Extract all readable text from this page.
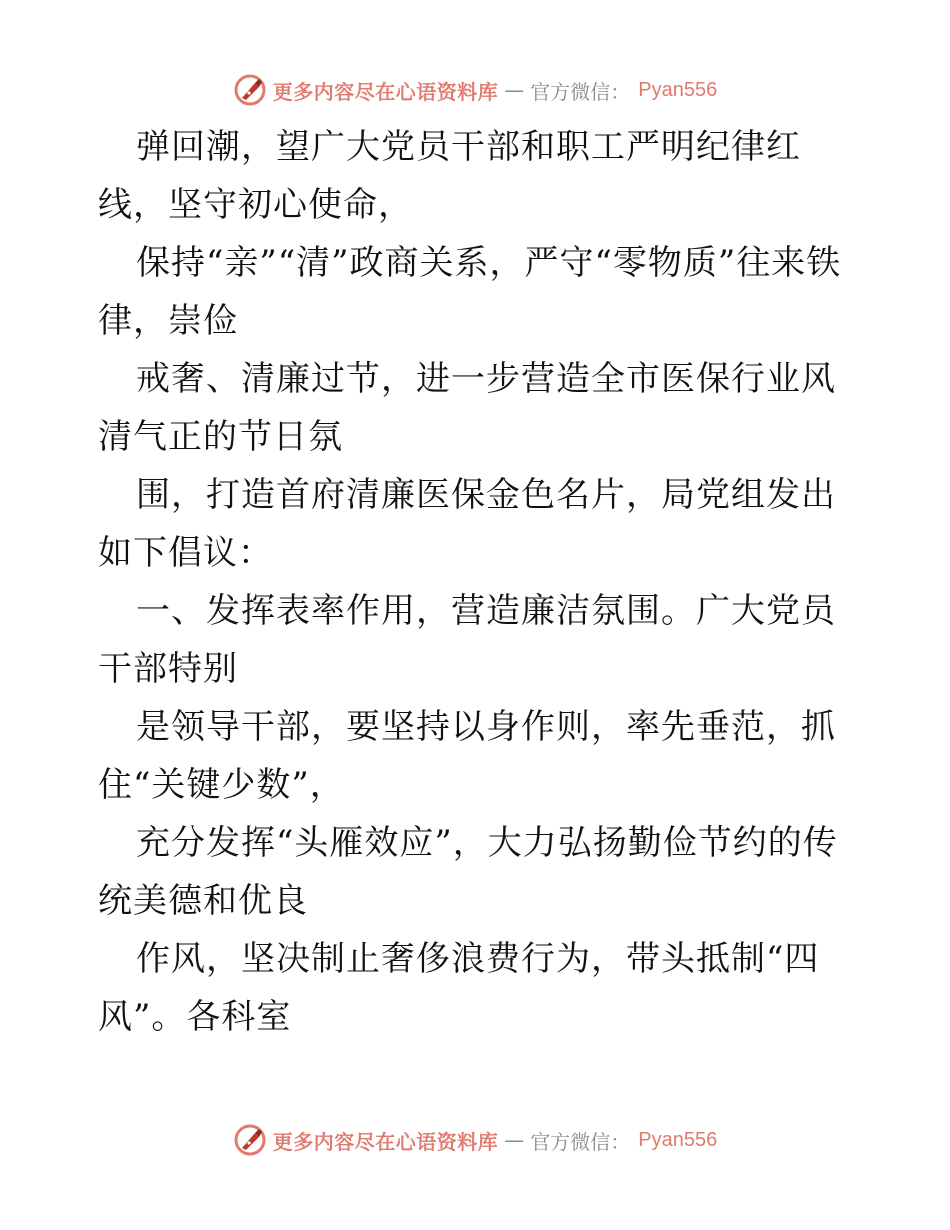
更多内容尽在心语资料库 — 官方微信： Pyan556

弹回潮，望广大党员干部和职工严明纪律红线，坚守初心使命，

保持“亲”“清”政商关系，严守“零物质”往来铁律，崇俭

戒奢、清廉过节，进一步营造全市医保行业风清气正的节日氛

围，打造首府清廉医保金色名片，局党组发出如下倡议：

一、发挥表率作用，营造廉洁氛围。广大党员干部特别

是领导干部，要坚持以身作则，率先垂范，抓住“关键少数”，

充分发挥“头雁效应”，大力弘扬勤俭节约的传统美德和优良

作风，坚决制止奢侈浪费行为，带头抵制“四风”。各科室

更多内容尽在心语资料库 — 官方微信： Pyan556
